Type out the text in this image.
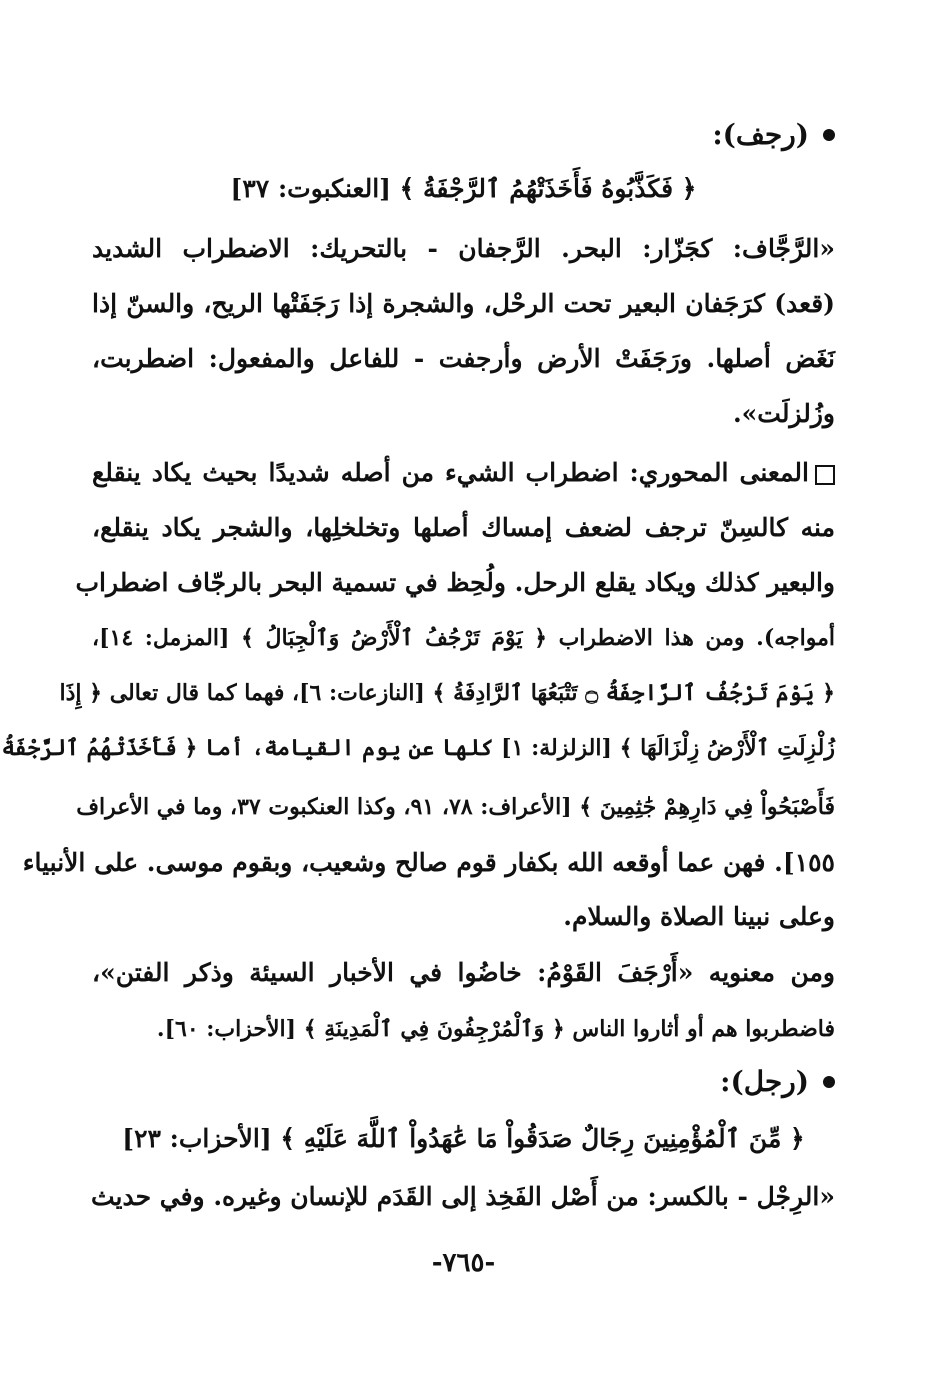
(رجف):
﴿ فَكَذَّبُوهُ فَأَخَذَتْهُمُ ٱلرَّجْفَةُ ﴾ [العنكبوت: ٣٧]
«الرَّجَّاف: كجَزّار: البحر. الرَّجفان - بالتحريك: الاضطراب الشديد
(قعد) كرَجَفان البعير تحت الرحْل، والشجرة إذا رَجَفَتْها الريح، والسنّ إذا
نَغَض أصلها. ورَجَفَتْ الأرض وأرجفت - للفاعل والمفعول: اضطربت،
وزُلزلَت».
المعنى المحوري: اضطراب الشيء من أصله شديدًا بحيث يكاد ينقلع
منه كالسِنّ ترجف لضعف إمساك أصلها وتخلخلِها، والشجر يكاد ينقلع،
والبعير كذلك ويكاد يقلع الرحل. ولُحِظ في تسمية البحر بالرجّاف اضطراب
أمواجه). ومن هذا الاضطراب ﴿ يَوْمَ تَرْجُفُ ٱلْأَرْضُ وَٱلْجِبَالُ ﴾ [المزمل: ١٤]،
﴿ يَوْمَ تَرْجُفُ ٱلرَّاجِفَةُ ۝ تَتْبَعُهَا ٱلرَّادِفَةُ ﴾ [النازعات: ٦]، فهما كما قال تعالى ﴿ إِذَا
زُلْزِلَتِ ٱلْأَرْضُ زِلْزَالَهَا ﴾ [الزلزلة: ١] كلها عن يوم القيامة، أما ﴿ فَأَخَذَتْهُمُ ٱلرَّجْفَةُ
فَأَصْبَحُواْ فِي دَارِهِمْ جَٰثِمِينَ ﴾ [الأعراف: ٧٨، ٩١، وكذا العنكبوت ٣٧، وما في الأعراف
١٥٥]. فهن عما أوقعه الله بكفار قوم صالح وشعيب، وبقوم موسى. على الأنبياء
وعلى نبينا الصلاة والسلام.
ومن معنويه «أَرْجَفَ القَوْمُ: خاضُوا في الأخبار السيئة وذكر الفتن»،
فاضطربوا هم أو أثاروا الناس ﴿ وَٱلْمُرْجِفُونَ فِي ٱلْمَدِينَةِ ﴾ [الأحزاب: ٦٠].
(رجل):
﴿ مِّنَ ٱلْمُؤْمِنِينَ رِجَالٌ صَدَقُواْ مَا عَٰهَدُواْ ٱللَّهَ عَلَيْهِ ﴾ [الأحزاب: ٢٣]
«الرِجْل - بالكسر: من أَصْل الفَخِذ إلى القَدَم للإنسان وغيره. وفي حديث
-٧٦٥-
